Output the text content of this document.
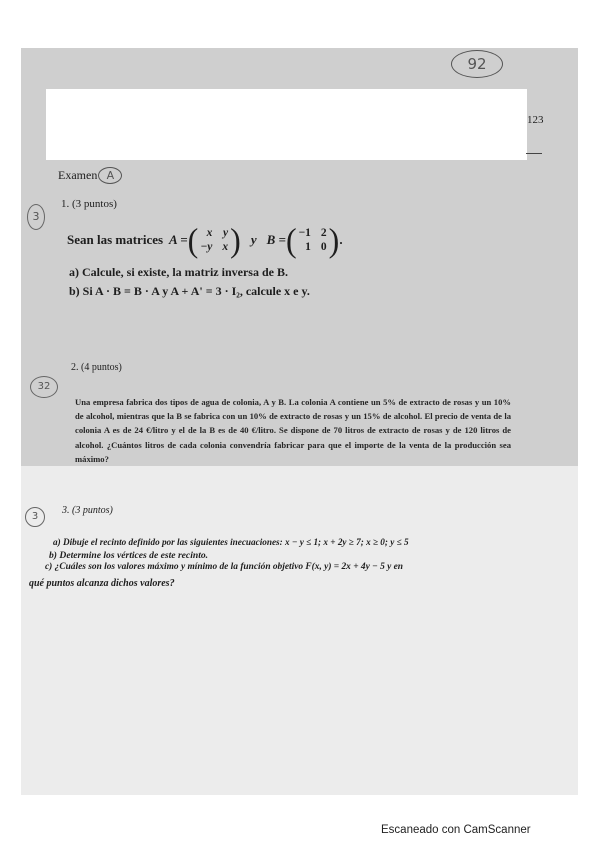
92
123
Examen A
3
1. (3 puntos)
Sean las matrices A = ( x y
−y x ) y B = ( −1 2
1 0 ) .
a) Calcule, si existe, la matriz inversa de B.
b) Si A · B = B · A y A + A' = 3 · I₂, calcule x e y.
32
2. (4 puntos)
Una empresa fabrica dos tipos de agua de colonia, A y B. La colonia A contiene un 5% de extracto de rosas y un 10% de alcohol, mientras que la B se fabrica con un 10% de extracto de rosas y un 15% de alcohol. El precio de venta de la colonia A es de 24 €/litro y el de la B es de 40 €/litro. Se dispone de 70 litros de extracto de rosas y de 120 litros de alcohol. ¿Cuántos litros de cada colonia convendría fabricar para que el importe de la venta de la producción sea máximo?
3
3. (3 puntos)
a) Dibuje el recinto definido por las siguientes inecuaciones: x − y ≤ 1; x + 2y ≥ 7; x ≥ 0; y ≤ 5
b) Determine los vértices de este recinto.
c) ¿Cuáles son los valores máximo y mínimo de la función objetivo F(x, y) = 2x + 4y − 5 y en
qué puntos alcanza dichos valores?
Escaneado con CamScanner
